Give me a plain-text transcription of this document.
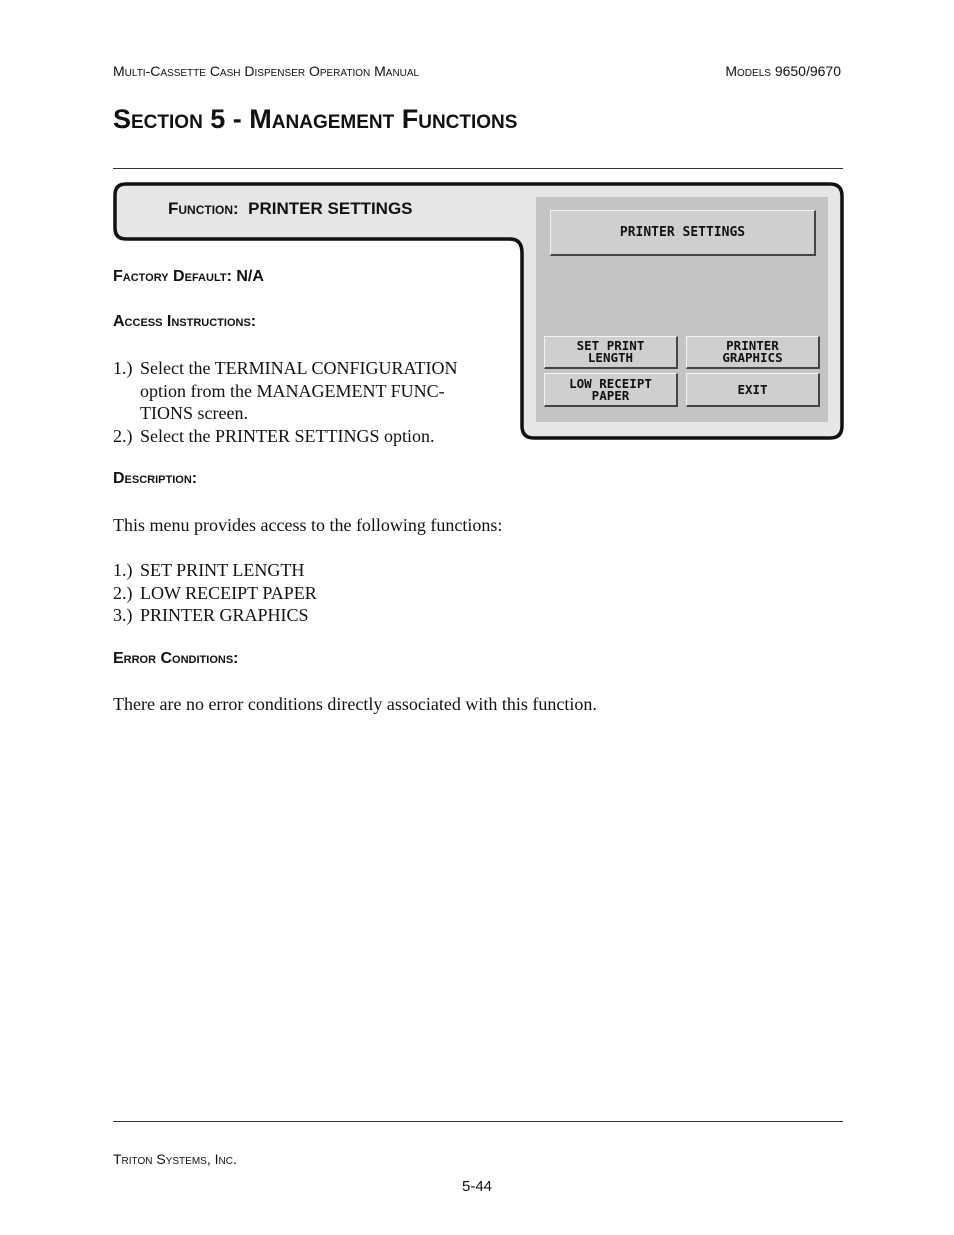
Multi-Cassette Cash Dispenser Operation Manual	Models 9650/9670
Section 5 - Management Functions
Function: PRINTER SETTINGS
PRINTER SETTINGS
SET PRINT
LENGTH
PRINTER
GRAPHICS
LOW RECEIPT
PAPER	EXIT
Factory Default: N/A
Access Instructions:
1.) Select the TERMINAL CONFIGURATION option from the MANAGEMENT FUNC-TIONS screen.
2.) Select the PRINTER SETTINGS option.
Description:
This menu provides access to the following functions:
1.) SET PRINT LENGTH
2.) LOW RECEIPT PAPER
3.) PRINTER GRAPHICS
Error Conditions:
There are no error conditions directly associated with this function.
Triton Systems, Inc.
5-44
